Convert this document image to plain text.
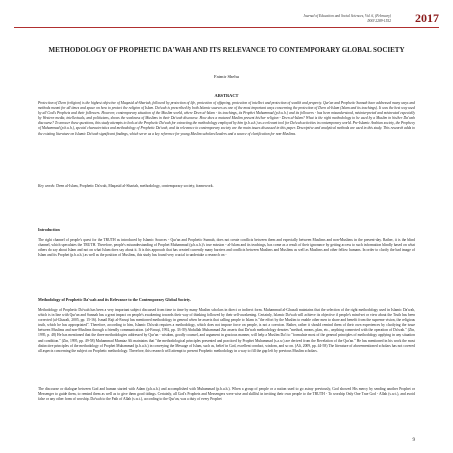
Journal of Education and Social Sciences, Vol. 6, (February)
ISSN 2289-1552 2017
METHODOLOGY OF PROPHETIC DA'WAH AND ITS RELEVANCE TO CONTEMPORARY GLOBAL SOCIETY
Fatmir Shehu
ABSTRACT
Protection of Deen (religion) is the highest objective of Maqasid al-Shariah, followed by protection of life, protection of offspring, protection of intellect and protection of wealth and property. Qur'an and Prophetic Sunnah have addressed many ways and methods meant for all times and space on how to protect the religion of Islam. Da'wah is prescribed by both Islamic sources as one of the most important ways concerning the protection of Deen al-Islam (Islam and its teachings). It was the best way used by all God's Prophets and their followers. However, contemporary situation of the Muslim world, where Deen al-Islam - its teachings, its Prophet Muhammad (p.b.u.h.) and its followers - has been misunderstood, misinterpreted and mistreated especially by Western media, intellectuals, and politicians, shows the weakness of Muslims in their Da'wah discourse. How does a matured Muslim present his/her religion - Deen al-Islam? What is the right methodology to be used by a Muslim in his/her Da'wah discourse? To answer these questions, this study attempts to look at the Prophetic Da'wah for extracting the methodology employed by him (p.b.u.h.) as a relevant tool for Da'wah activities in contemporary world. Pre-Islamic Arabian society, the Prophecy of Muhammad (p.b.u.h.), special characteristics and methodology of Prophetic Da'wah, and its relevance to contemporary society are the main issues discussed in this paper. Descriptive and analytical methods are used in this study. This research adds to the existing literature on Islamic Da'wah significant findings, which serve as a key reference for young Muslim scholars/leaders and a source of clarification for non-Muslims.
Key words: Deen al-Islam, Prophetic Da'wah, Maqasid al-Shariah, methodology, contemporary society, framework.
Introduction
The right channel of people's quest for the TRUTH as introduced by Islamic Sources - Qur'an and Prophetic Sunnah, does not create conflicts between them and especially between Muslims and non-Muslims in the present-day. Rather, it is the blind channel, which speculates the TRUTH. Therefore, people's misunderstanding of Prophet Muhammad (p.b.u.h.)'s true mission - al-Islam and its teachings, has come as a result of their ignorance by getting access to such information blindly based on what others do say about Islam and not on what Islam does say about it. It is this approach that has created currently many barriers and conflicts between Muslims and Muslims as well as Muslims and other fellow humans. In order to clarify the bad image of Islam and its Prophet (p.b.u.h.) as well as the position of Muslims, this study has found very crucial to undertake a research on -
Methodology of Prophetic Da'wah and its Relevance to the Contemporary Global Society.
Methodology of Prophetic Da'wah has been a very important subject discussed from time to time by many Muslim scholars in direct or indirect form. Muhammad al-Ghazali maintains that the selection of the right methodology used in Islamic Da'wah, which is in line with Qur'an and Sunnah has a great impact on people's awakening towards their way of thinking followed by their self-awakening. Certainly, Islamic Da'wah will achieve its objective if people's mind-set or view about the Truth has been corrected (al-Ghazali, 2005, pp. 15-16). Ismail Raji al-Faruqi has mentioned methodology in general when he asserts that calling people to Islam is "the effort by the Muslim to enable other men to share and benefit from the supreme vision, the religious truth, which he has appropriated". Therefore, according to him, Islamic Da'wah requires a methodology, which does not impose force on people, is not a coercion. Rather, rather it should remind them of their own experiences by clarifying the issue between Muslims and non-Muslims through a friendly communication. (al-Faruqi, 1992, pp. 33-39) Abdullah Muhammad Zin asserts that Da'wah methodology denotes "method, means, plan, etc., anything connected with the operation of Da'wah." (Zin, 1995, p. 48) He has mentioned that the three methodologies addressed by Qur'an - wisdom, goodly counsel, and argument in gracious manner, will help a Muslim Da'i to "formulate most of the general principles of methodology applying in any situation and condition." (Zin, 1995, pp. 49-58) Muhammad Mumtaz Ali maintains that "the methodological principles presented and practiced by Prophet Muhammad (s.a.w.) are derived from the Revelation of the Qur'an." He has mentioned in his work the most distinctive principles of the methodology of Prophet Muhammad (p.b.u.h.) in conveying the Message of Islam, such as, belief in God, excellent conduct, wisdom, and so on. (Ali, 2009, pp. 44-58) The literature of abovementioned scholars has not covered all aspects concerning the subject on Prophetic methodology. Therefore, this research will attempt to present Prophetic methodology in a way to fill the gap left by previous Muslim scholars.
The discourse or dialogue between God and human started with Adam (p.b.u.h.) and accomplished with Muhammad (p.b.u.h.). When a group of people or a nation used to go astray previously, God showed His mercy by sending another Prophet or Messenger to guide them, to remind them as well as to give them good tidings. Certainly, all God's Prophets and Messengers were wise and skillful in inviting their own people to the TRUTH - To worship Only One True God - Allah (s.w.t.), and avoid false or any other form of worship. Da'wah to the Path of Allah (s.w.t.), according to the Qur'an, was a duty of every Prophet
9
